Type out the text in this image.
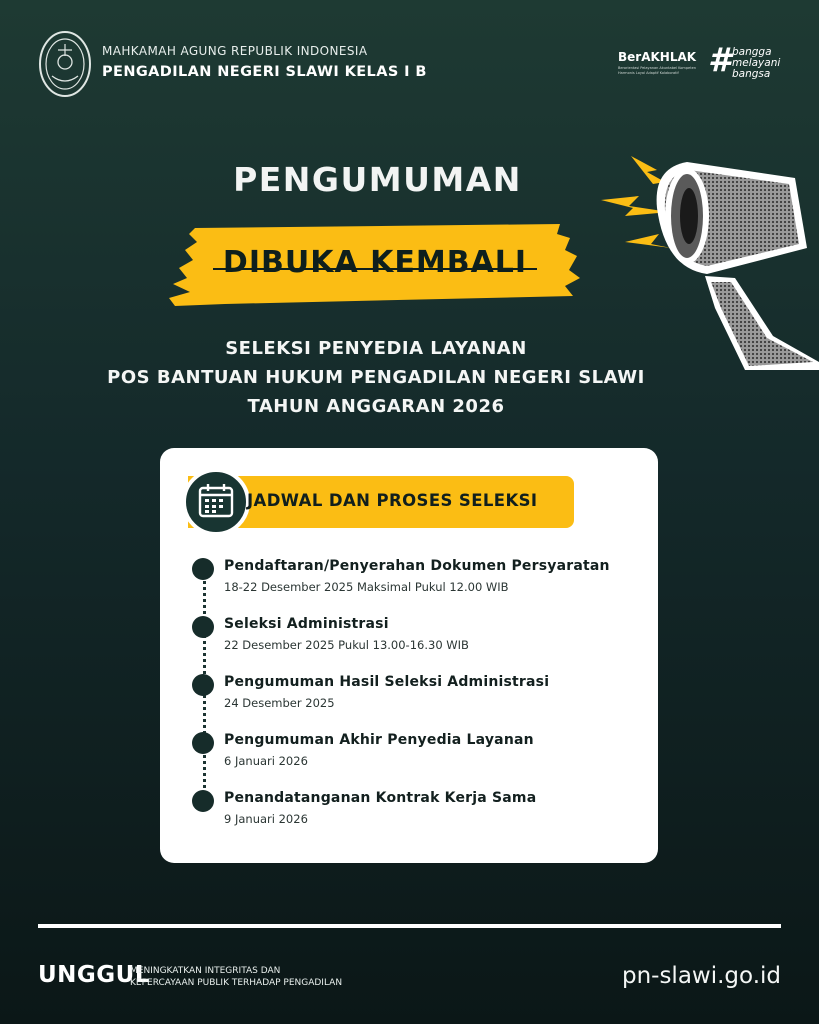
MAHKAMAH AGUNG REPUBLIK INDONESIA
PENGADILAN NEGERI SLAWI KELAS I B
BerAKHLAK
Berorientasi Pelayanan Akuntabel Kompeten Harmonis Loyal Adaptif Kolaboratif # bangga
melayani
bangsa
PENGUMUMAN
DIBUKA KEMBALI
SELEKSI PENYEDIA LAYANAN
POS BANTUAN HUKUM PENGADILAN NEGERI SLAWI
TAHUN ANGGARAN 2026
JADWAL DAN PROSES SELEKSI
Pendaftaran/Penyerahan Dokumen Persyaratan
18-22 Desember 2025 Maksimal Pukul 12.00 WIB
Seleksi Administrasi
22 Desember 2025 Pukul 13.00-16.30 WIB
Pengumuman Hasil Seleksi Administrasi
24 Desember 2025
Pengumuman Akhir Penyedia Layanan
6 Januari 2026
Penandatanganan Kontrak Kerja Sama
9 Januari 2026
UNGGUL
MENINGKATKAN INTEGRITAS DAN
KEPERCAYAAN PUBLIK TERHADAP PENGADILAN	pn-slawi.go.id
